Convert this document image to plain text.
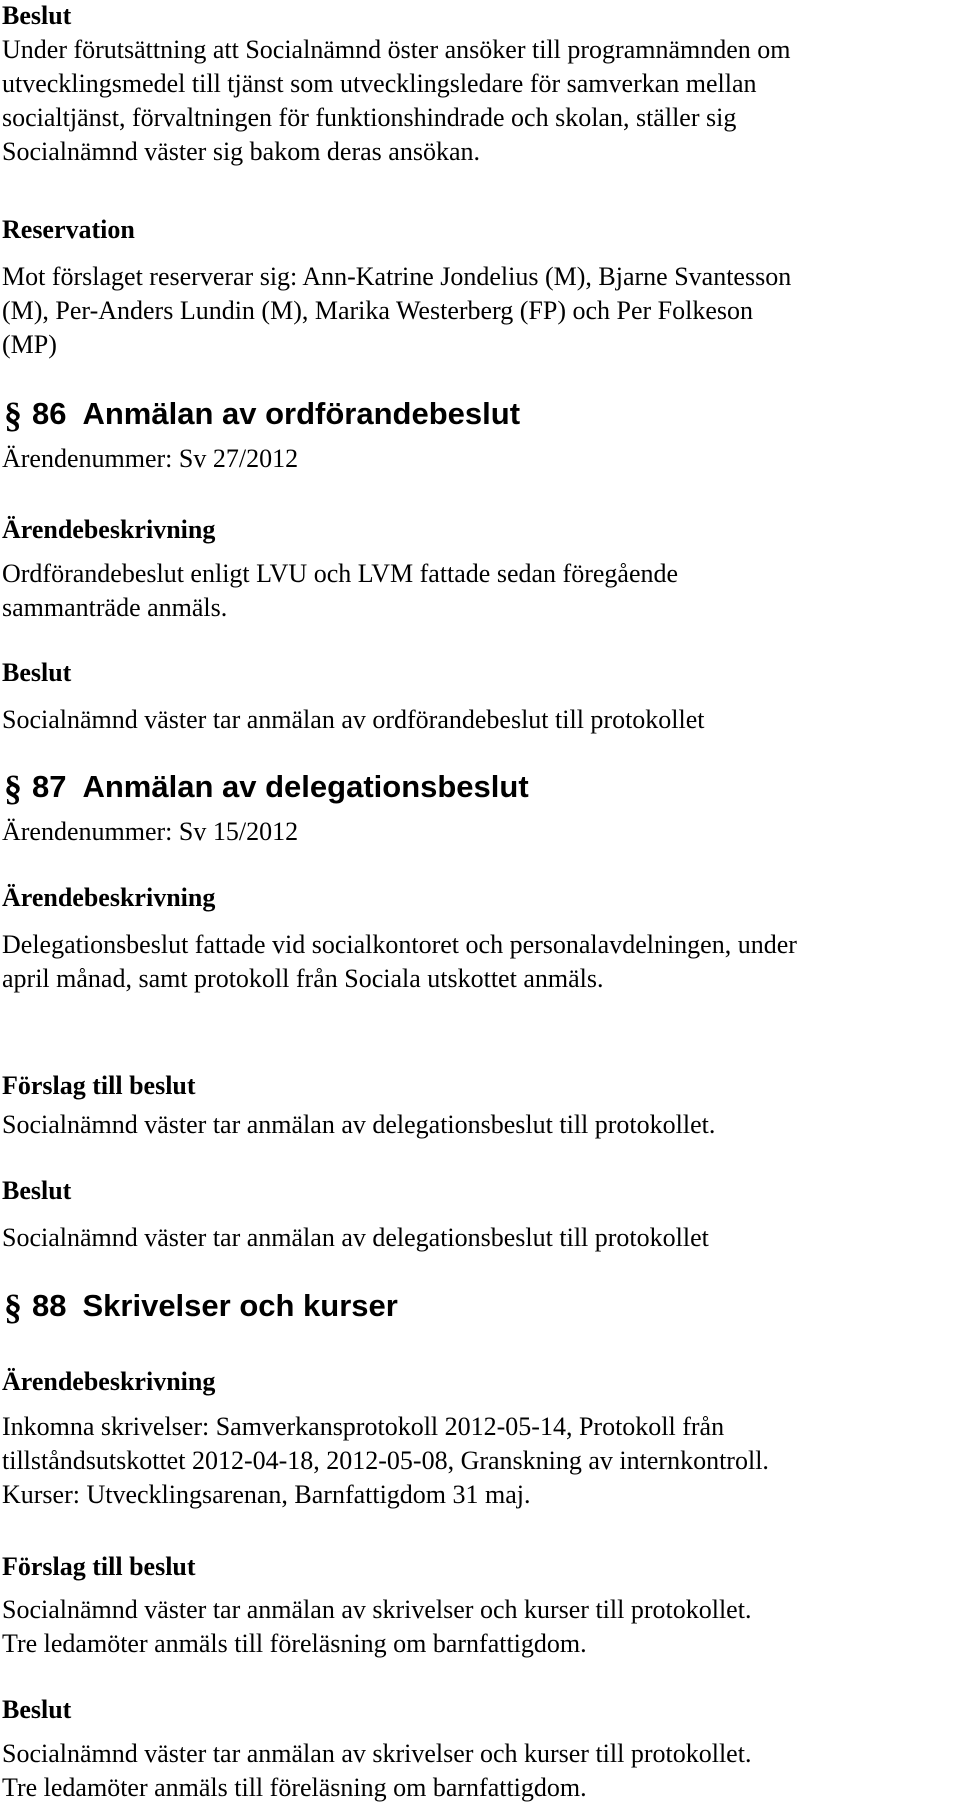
Beslut
Under förutsättning att Socialnämnd öster ansöker till programnämnden om
utvecklingsmedel till tjänst som utvecklingsledare för samverkan mellan
socialtjänst, förvaltningen för funktionshindrade och skolan, ställer sig
Socialnämnd väster sig bakom deras ansökan.
Reservation
Mot förslaget reserverar sig: Ann-Katrine Jondelius (M), Bjarne Svantesson
(M), Per-Anders Lundin (M), Marika Westerberg (FP) och Per Folkeson
(MP)
§ 86 Anmälan av ordförandebeslut
Ärendenummer: Sv 27/2012
Ärendebeskrivning
Ordförandebeslut enligt LVU och LVM fattade sedan föregående
sammanträde anmäls.
Beslut
Socialnämnd väster tar anmälan av ordförandebeslut till protokollet
§ 87 Anmälan av delegationsbeslut
Ärendenummer: Sv 15/2012
Ärendebeskrivning
Delegationsbeslut fattade vid socialkontoret och personalavdelningen, under
april månad, samt protokoll från Sociala utskottet anmäls.
Förslag till beslut
Socialnämnd väster tar anmälan av delegationsbeslut till protokollet.
Beslut
Socialnämnd väster tar anmälan av delegationsbeslut till protokollet
§ 88 Skrivelser och kurser
Ärendebeskrivning
Inkomna skrivelser: Samverkansprotokoll 2012-05-14, Protokoll från
tillståndsutskottet 2012-04-18, 2012-05-08, Granskning av internkontroll.
Kurser: Utvecklingsarenan, Barnfattigdom 31 maj.
Förslag till beslut
Socialnämnd väster tar anmälan av skrivelser och kurser till protokollet.
Tre ledamöter anmäls till föreläsning om barnfattigdom.
Beslut
Socialnämnd väster tar anmälan av skrivelser och kurser till protokollet.
Tre ledamöter anmäls till föreläsning om barnfattigdom.
